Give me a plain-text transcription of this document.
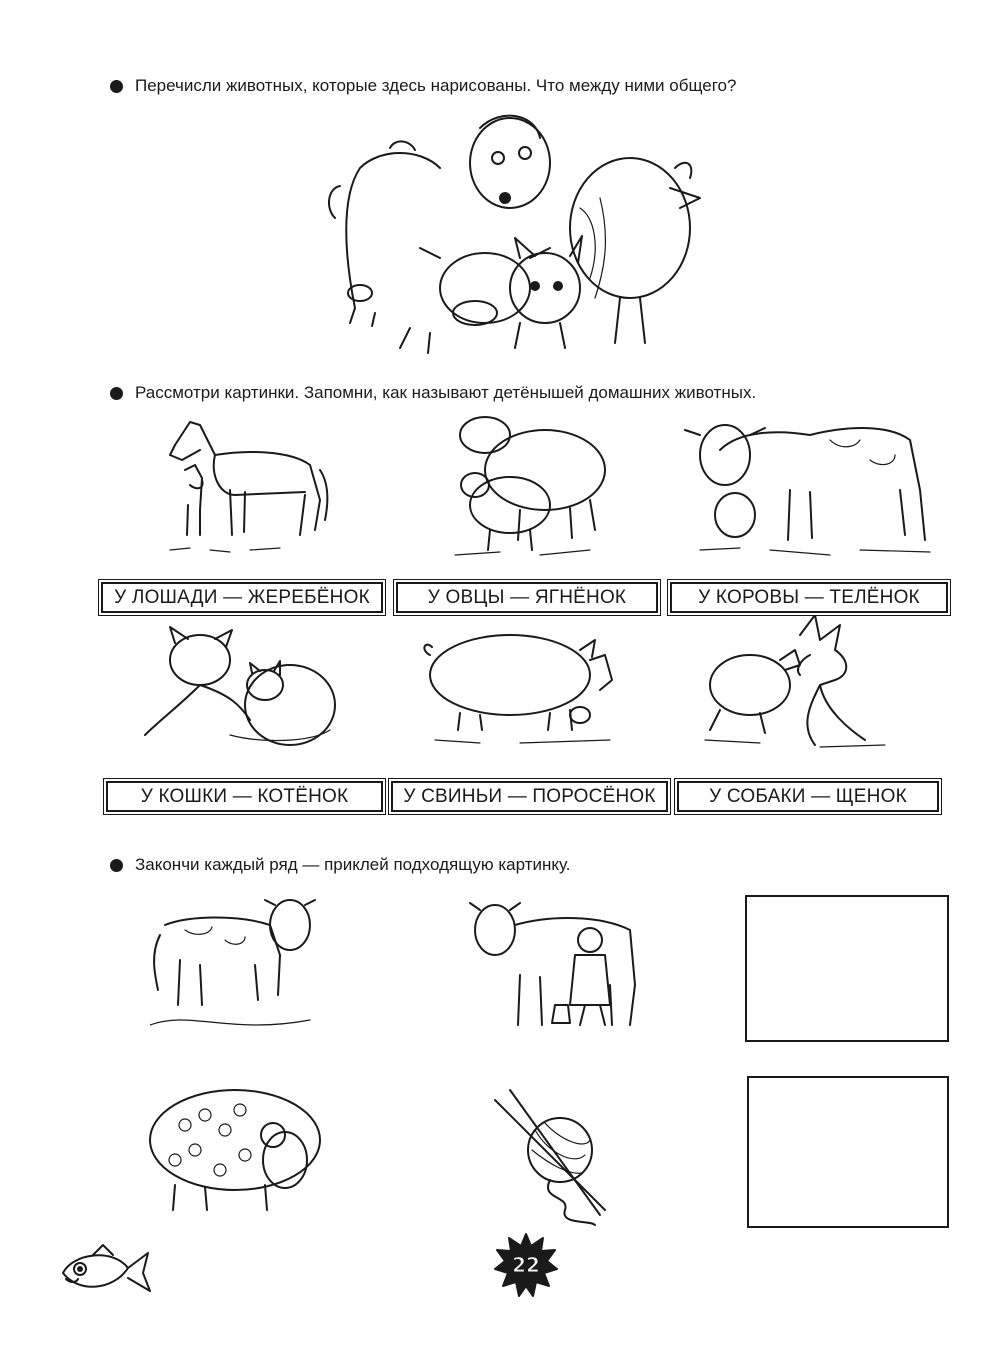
Перечисли животных, которые здесь нарисованы. Что между ними общего?
Рассмотри картинки. Запомни, как называют детёнышей домашних животных.
У ЛОШАДИ — ЖЕРЕБЁНОК	У ОВЦЫ — ЯГНЁНОК	У КОРОВЫ — ТЕЛЁНОК
У КОШКИ — КОТЁНОК	У СВИНЬИ — ПОРОСЁНОК	У СОБАКИ — ЩЕНОК
Закончи каждый ряд — приклей подходящую картинку.
22
